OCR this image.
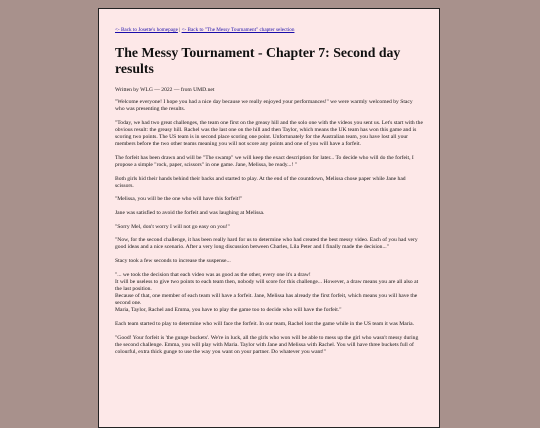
<- Back to Josette's homepage | <- Back to "The Messy Tournament" chapter selection
The Messy Tournament - Chapter 7: Second day results
Written by WLG — 2022 — from UMD.net

"Welcome everyone! I hope you had a nice day because we really enjoyed your performances!" we were warmly welcomed by Stacy who was presenting the results.

"Today, we had two great challenges, the team one first on the greasy hill and the solo one with the videos you sent us. Let's start with the obvious result: the greasy hill. Rachel was the last one on the hill and then Taylor, which means the UK team has won this game and is scoring two points. The US team is in second place scoring one point. Unfortunately for the Australian team, you have lost all your members before the two other teams meaning you will not score any points and one of you will have a forfeit.

The forfeit has been drawn and will be "The swamp" we will keep the exact description for later... To decide who will do the forfeit, I propose a simple "rock, paper, scissors" in one game. Jane, Melissa, be ready...! "

Both girls hid their hands behind their backs and started to play. At the end of the countdown, Melissa chose paper while Jane had scissors.

"Melissa, you will be the one who will have this forfeit!"

Jane was satisfied to avoid the forfeit and was laughing at Melissa.

"Sorry Mel, don't worry I will not go easy on you!"

"Now, for the second challenge, it has been really hard for us to determine who had created the best messy video. Each of you had very good ideas and a nice scenario. After a very long discussion between Charles, Lila Peter and I finally made the decision..."

Stacy took a few seconds to increase the suspense...

"... we took the decision that each video was as good as the other, every one it's a draw!
It will be useless to give two points to each team then, nobody will score for this challenge... However, a draw means you are all also at the last position.
Because of that, one member of each team will have a forfeit. Jane, Melissa has already the first forfeit, which means you will have the second one.
Maria, Taylor, Rachel and Emma, you have to play the game too to decide who will have the forfeit."

Each team started to play to determine who will face the forfeit. In our team, Rachel lost the game while in the US team it was Maria.

"Good! Your forfeit is 'the gunge buckets'. We're in luck, all the girls who won will be able to mess up the girl who wasn't messy during the second challenge. Emma, you will play with Maria. Taylor with Jane and Melissa with Rachel. You will have three buckets full of colourful, extra thick gunge to use the way you want on your partner. Do whatever you want!"
